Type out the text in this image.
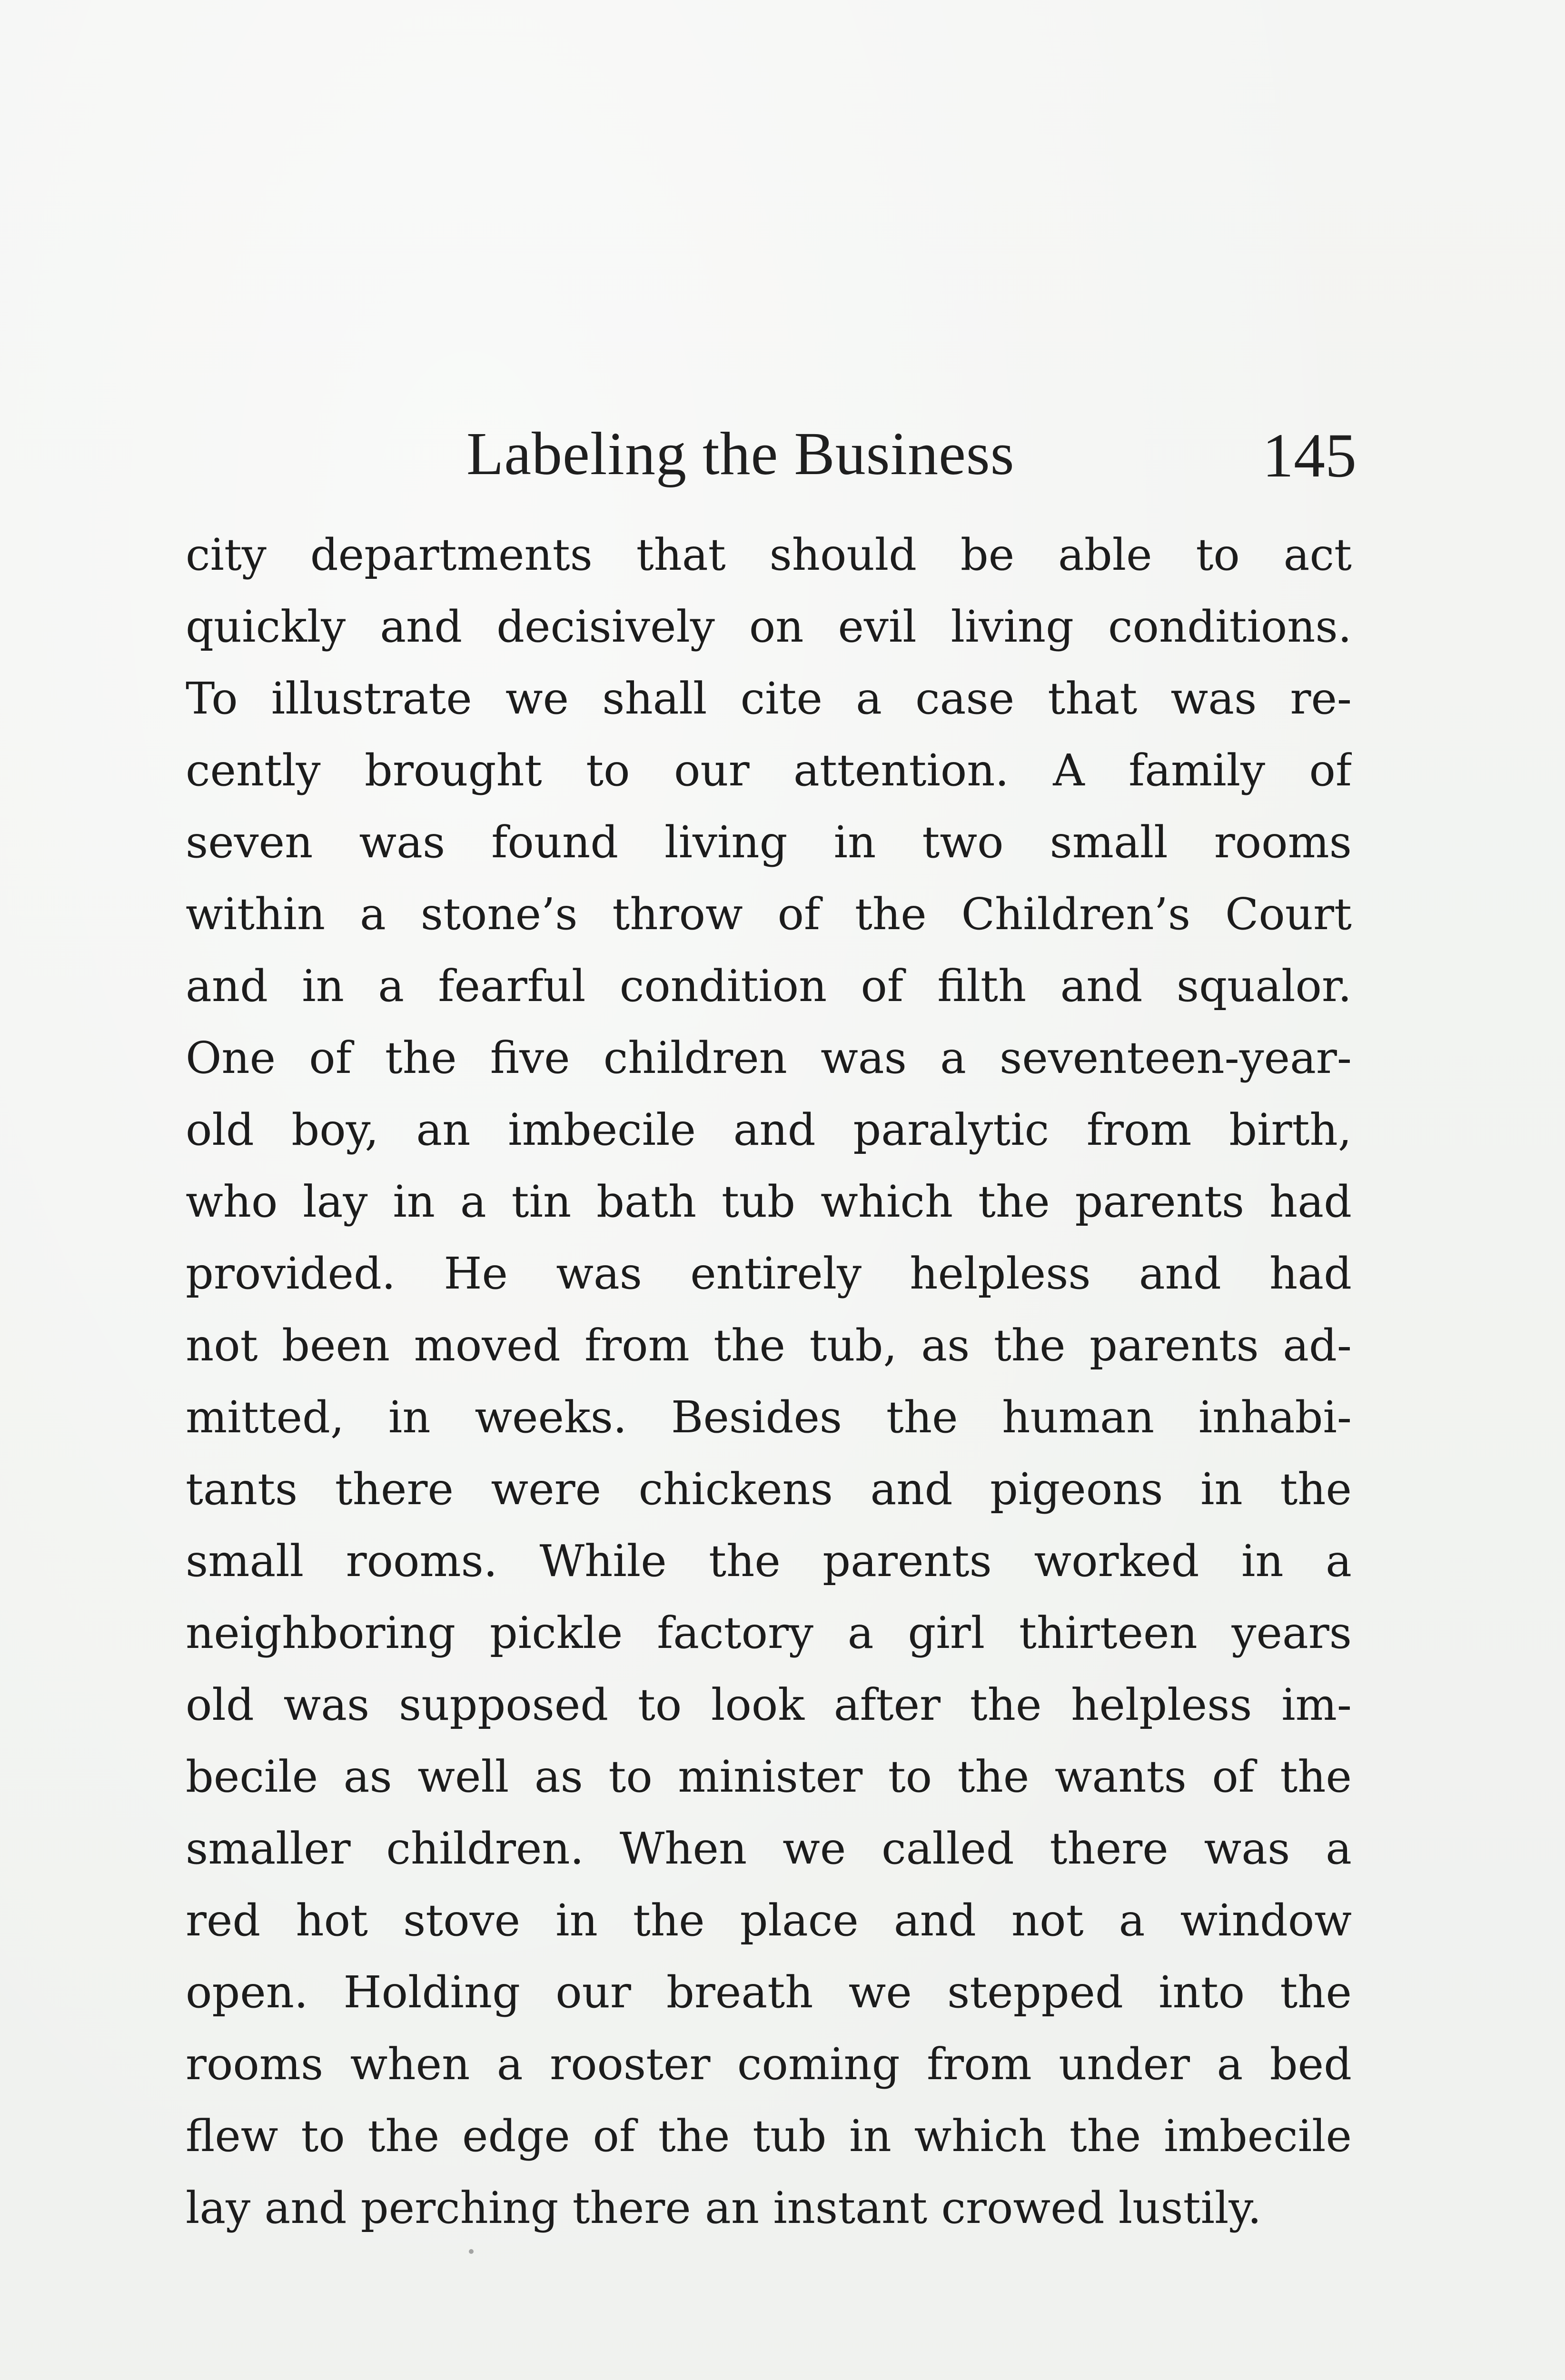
Labeling the Business	145
city departments that should be able to act
quickly and decisively on evil living conditions.
To illustrate we shall cite a case that was re-
cently brought to our attention. A family of
seven was found living in two small rooms
within a stone’s throw of the Children’s Court
and in a fearful condition of filth and squalor.
One of the five children was a seventeen-year-
old boy, an imbecile and paralytic from birth,
who lay in a tin bath tub which the parents had
provided. He was entirely helpless and had
not been moved from the tub, as the parents ad-
mitted, in weeks. Besides the human inhabi-
tants there were chickens and pigeons in the
small rooms. While the parents worked in a
neighboring pickle factory a girl thirteen years
old was supposed to look after the helpless im-
becile as well as to minister to the wants of the
smaller children. When we called there was a
red hot stove in the place and not a window
open. Holding our breath we stepped into the
rooms when a rooster coming from under a bed
flew to the edge of the tub in which the imbecile
lay and perching there an instant crowed lustily.
